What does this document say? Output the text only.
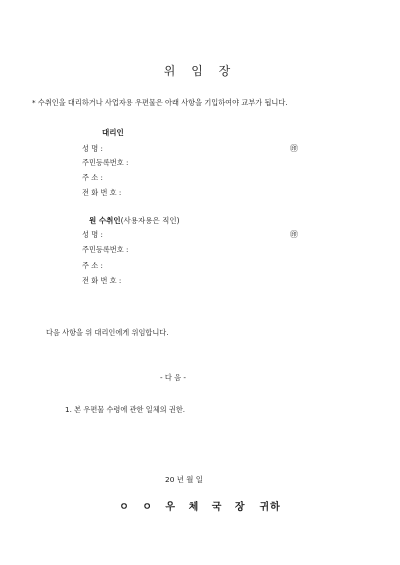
위 임 장
* 수취인을 대리하거나 사업자용 우편물은 아래 사항을 기입하여야 교부가 됩니다.
대리인
성 명 :	㊞
주민등록번호 :
주 소 :
전 화 번 호 :
원 수취인(사용자용은 직인)
성 명 :	㊞
주민등록번호 :
주 소 :
전 화 번 호 :
다음 사항을 위 대리인에게 위임합니다.
- 다 음 -
1. 본 우편물 수령에 관한 일체의 권한.
20 년 월 일
ㅇ ㅇ 우 체 국 장 귀하
